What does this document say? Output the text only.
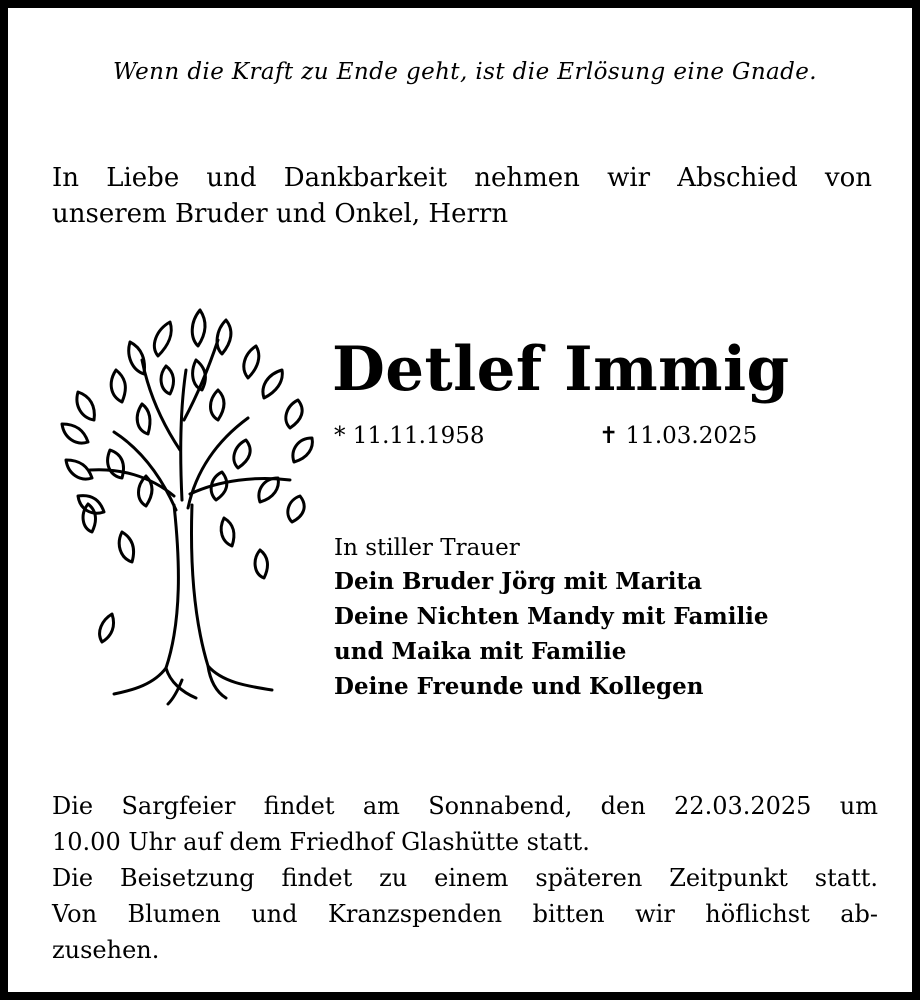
Wenn die Kraft zu Ende geht, ist die Erlösung eine Gnade.

In Liebe und Dankbarkeit nehmen wir Abschied von

unserem Bruder und Onkel, Herrn

Detlef Immig
* 11.11.1958	✝ 11.03.2025
In stiller Trauer
Dein Bruder Jörg mit Marita
Deine Nichten Mandy mit Familie
und Maika mit Familie
Deine Freunde und Kollegen

Die Sargfeier findet am Sonnabend, den 22.03.2025 um

10.00 Uhr auf dem Friedhof Glashütte statt.

Die Beisetzung findet zu einem späteren Zeitpunkt statt.

Von Blumen und Kranzspenden bitten wir höflichst ab-

zusehen.
